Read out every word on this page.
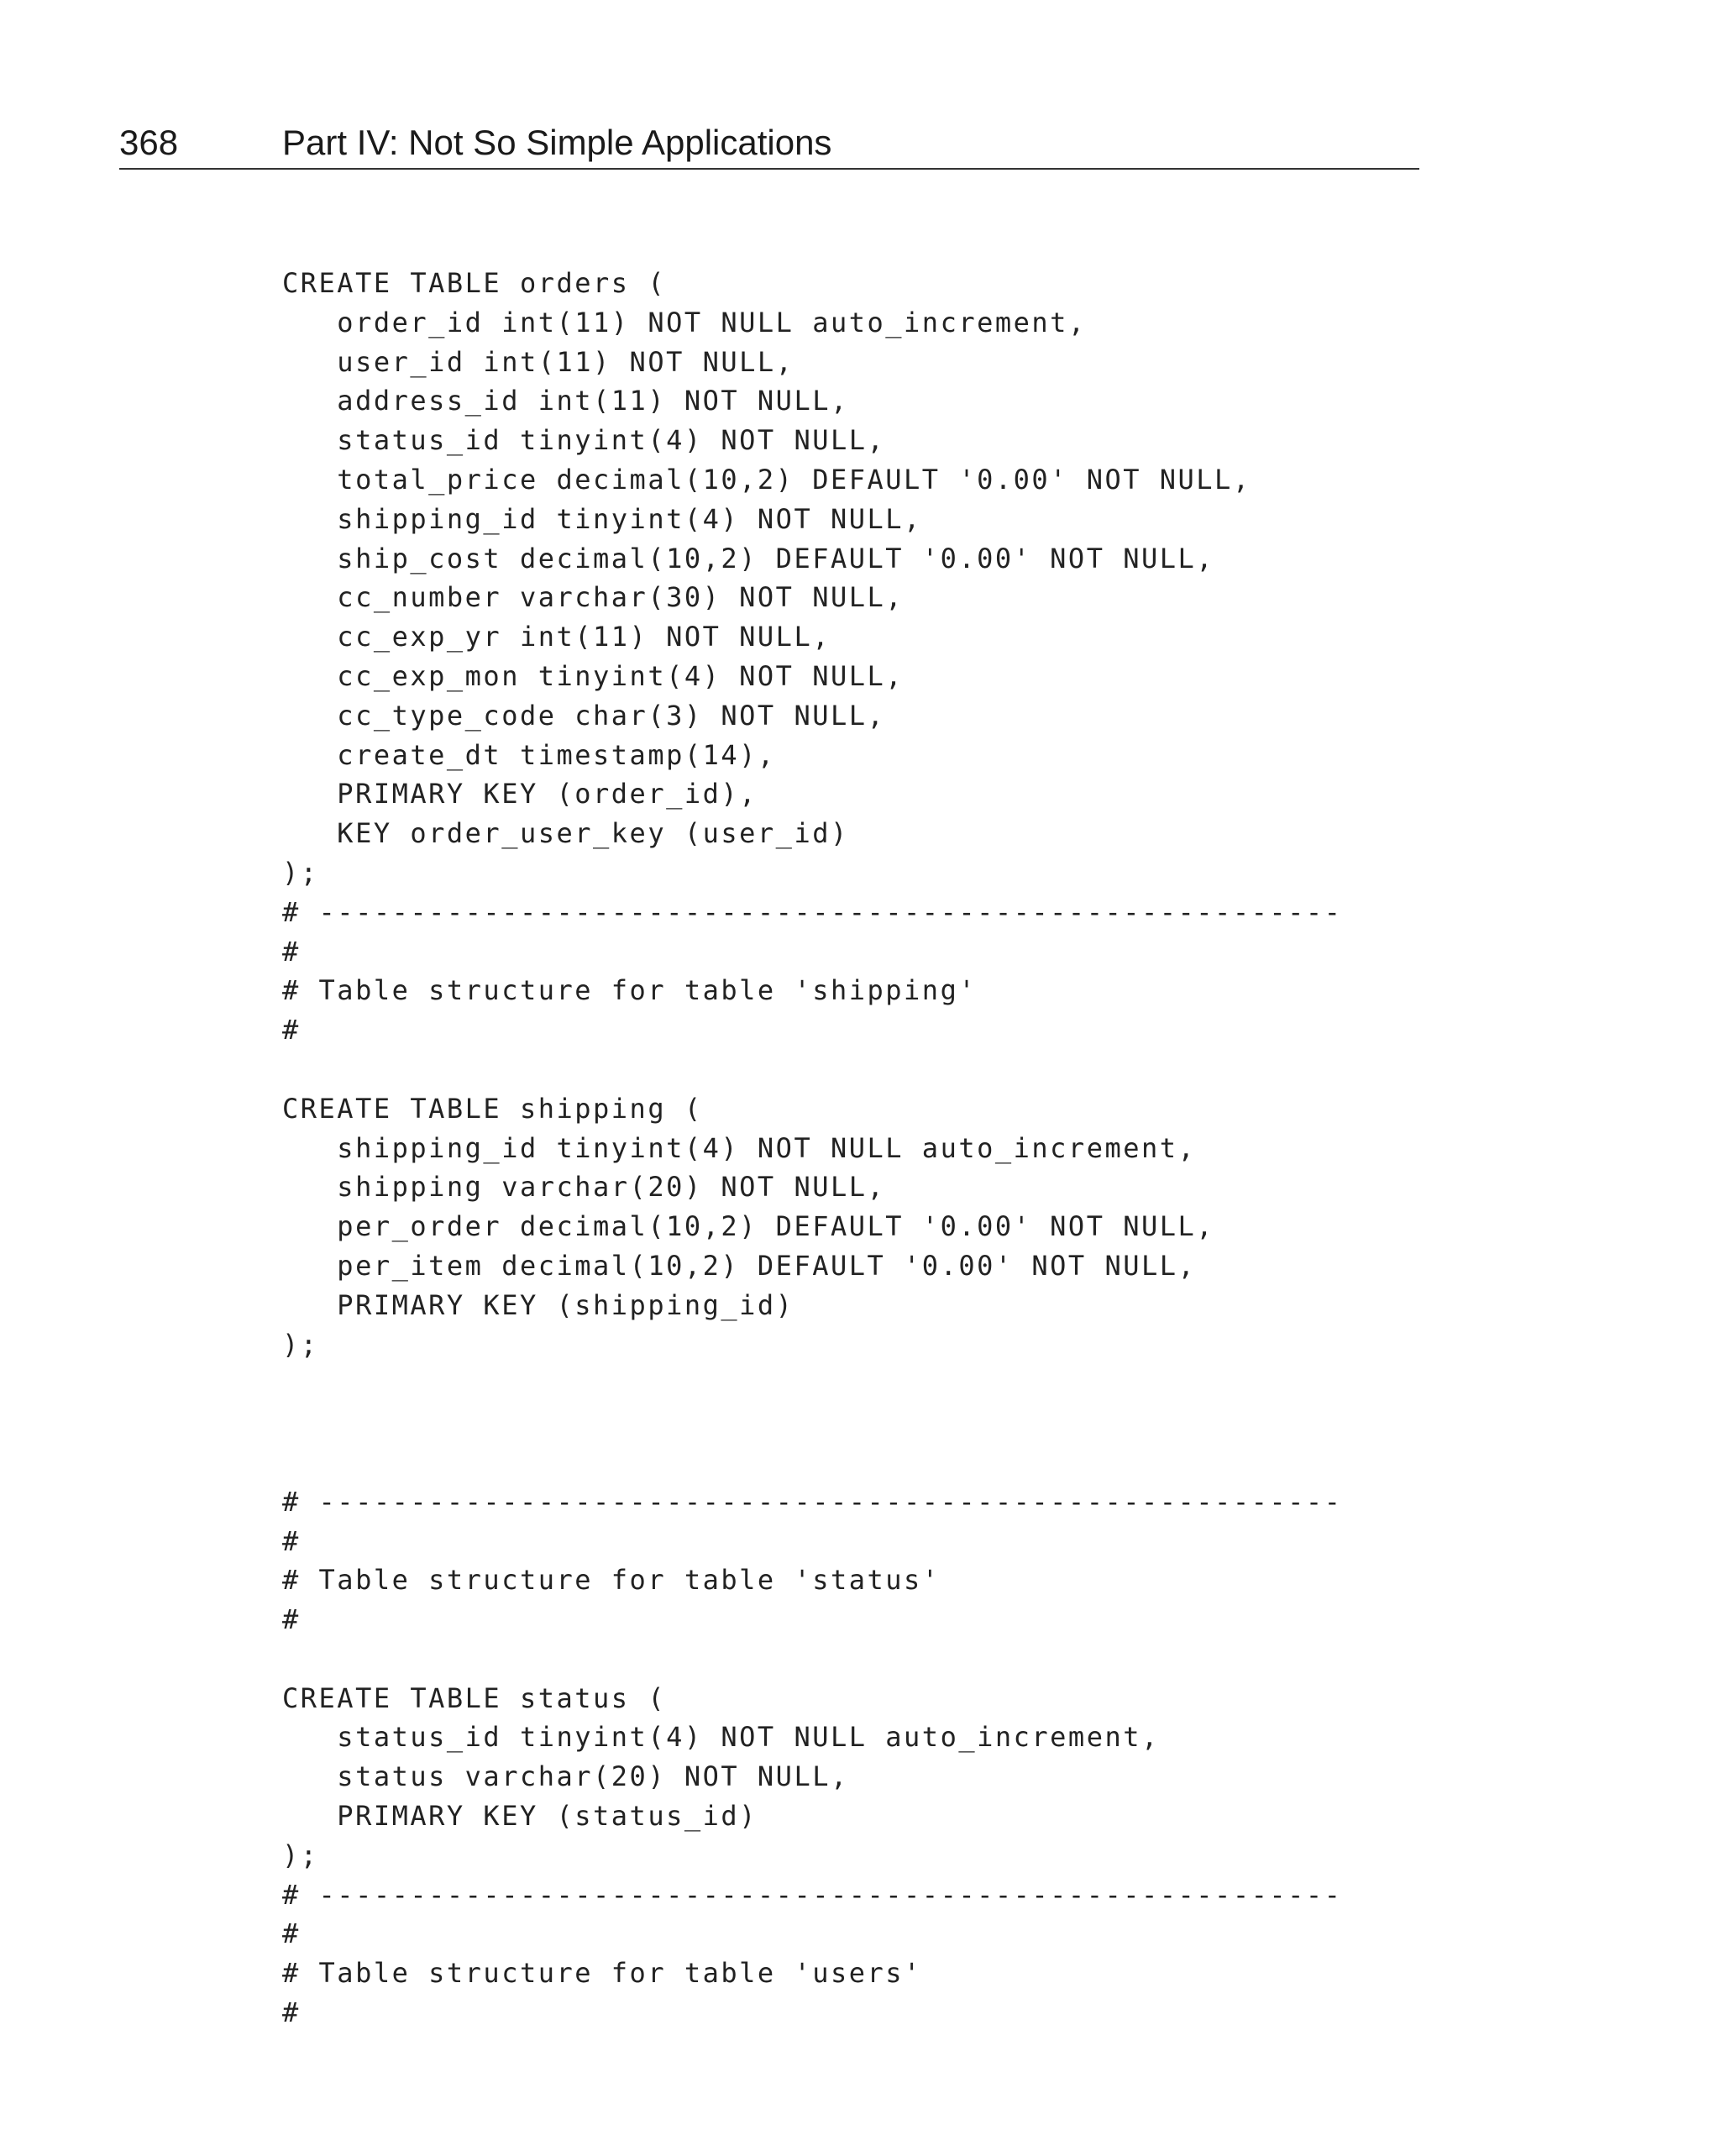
368	Part IV: Not So Simple Applications
CREATE TABLE orders (
order_id int(11) NOT NULL auto_increment,
user_id int(11) NOT NULL,
address_id int(11) NOT NULL,
status_id tinyint(4) NOT NULL,
total_price decimal(10,2) DEFAULT '0.00' NOT NULL,
shipping_id tinyint(4) NOT NULL,
ship_cost decimal(10,2) DEFAULT '0.00' NOT NULL,
cc_number varchar(30) NOT NULL,
cc_exp_yr int(11) NOT NULL,
cc_exp_mon tinyint(4) NOT NULL,
cc_type_code char(3) NOT NULL,
create_dt timestamp(14),
PRIMARY KEY (order_id),
KEY order_user_key (user_id)
);
# --------------------------------------------------------
#
# Table structure for table 'shipping'
#
CREATE TABLE shipping (
shipping_id tinyint(4) NOT NULL auto_increment,
shipping varchar(20) NOT NULL,
per_order decimal(10,2) DEFAULT '0.00' NOT NULL,
per_item decimal(10,2) DEFAULT '0.00' NOT NULL,
PRIMARY KEY (shipping_id)
);
# --------------------------------------------------------
#
# Table structure for table 'status'
#
CREATE TABLE status (
status_id tinyint(4) NOT NULL auto_increment,
status varchar(20) NOT NULL,
PRIMARY KEY (status_id)
);
# --------------------------------------------------------
#
# Table structure for table 'users'
#
